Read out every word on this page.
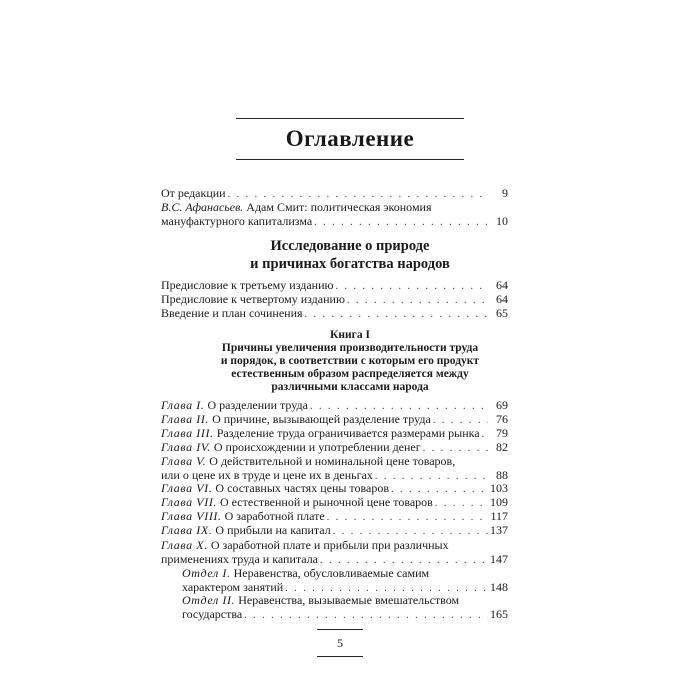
Оглавление
От редакции . . .	9
В.С. Афанасьев. Адам Смит: политическая экономия
мануфактурного капитализма . . .	10
Исследование о природе
и причинах богатства народов
Предисловие к третьему изданию . . .	64
Предисловие к четвертому изданию . . .	64
Введение и план сочинения . . .	65
Книга I
Причины увеличения производительности труда
и порядок, в соответствии с которым его продукт
естественным образом распределяется между
различными классами народа
Глава I. О разделении труда . . .	69
Глава II. О причине, вызывающей разделение труда . . .	76
Глава III. Разделение труда ограничивается размерами рынка . . .	79
Глава IV. О происхождении и употреблении денег . . .	82
Глава V. О действительной и номинальной цене товаров,
или о цене их в труде и цене их в деньгах . . .	88
Глава VI. О составных частях цены товаров . . .	103
Глава VII. О естественной и рыночной цене товаров . . .	109
Глава VIII. О заработной плате . . .	117
Глава IX. О прибыли на капитал . . .	137
Глава X. О заработной плате и прибыли при различных
применениях труда и капитала . . .	147
Отдел I. Неравенства, обусловливаемые самим
характером занятий . . .	148
Отдел II. Неравенства, вызываемые вмешательством
государства . . .	165
5
